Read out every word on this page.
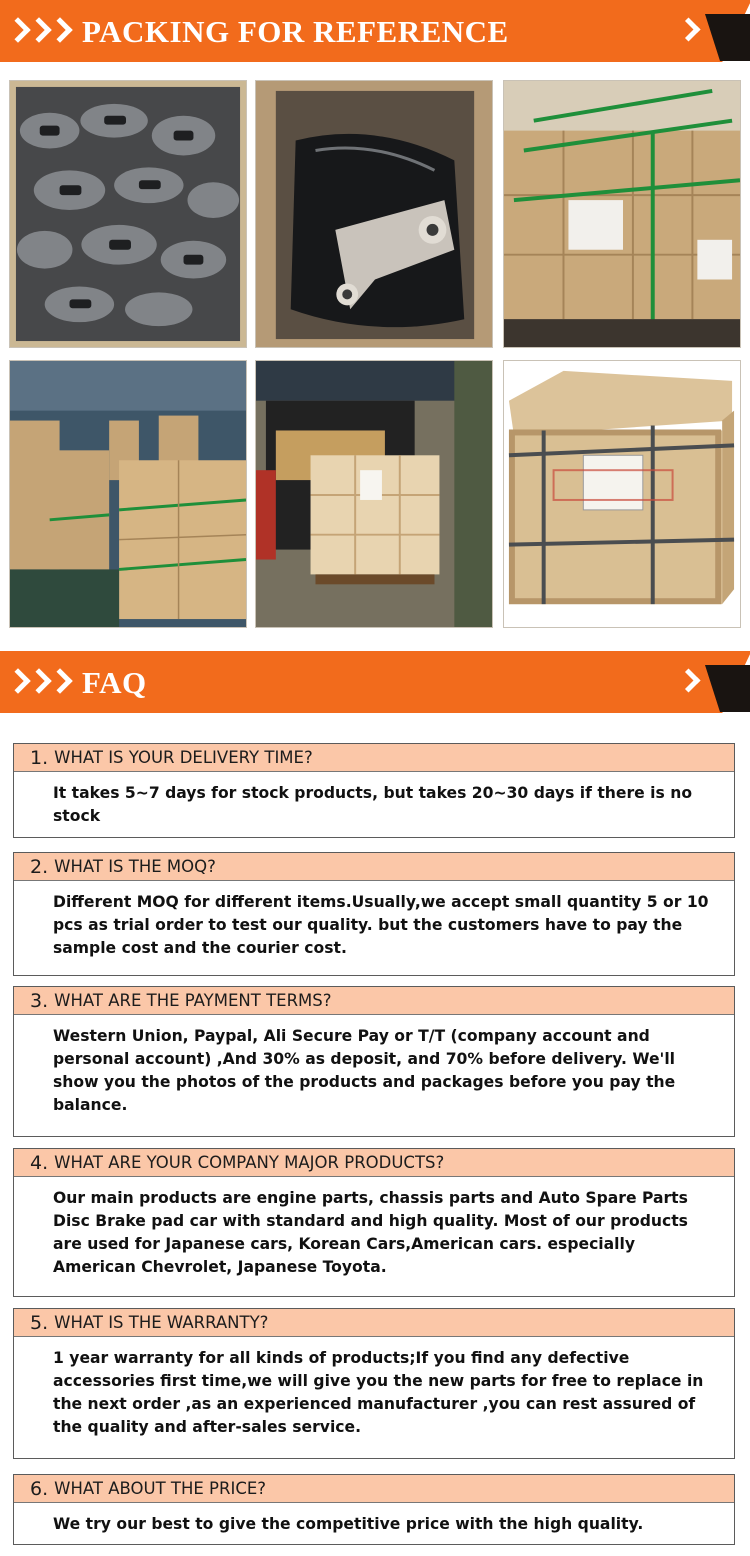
PACKING FOR REFERENCE
FAQ
1. WHAT IS YOUR DELIVERY TIME?
It takes 5~7 days for stock products, but takes 20~30 days if there is no stock
2. WHAT IS THE MOQ?
Different MOQ for different items.Usually,we accept small quantity 5 or 10 pcs as trial order to test our quality. but the customers have to pay the sample cost and the courier cost.
3. WHAT ARE THE PAYMENT TERMS?
Western Union, Paypal, Ali Secure Pay or T/T (company account and personal account) ,And 30% as deposit, and 70% before delivery. We'll show you the photos of the products and packages before you pay the balance.
4. WHAT ARE YOUR COMPANY MAJOR PRODUCTS?
Our main products are engine parts, chassis parts and Auto Spare Parts Disc Brake pad car with standard and high quality. Most of our products are used for Japanese cars, Korean Cars,American cars. especially American Chevrolet, Japanese Toyota.
5. WHAT IS THE WARRANTY?
1 year warranty for all kinds of products;If you find any defective accessories first time,we will give you the new parts for free to replace in the next order ,as an experienced manufacturer ,you can rest assured of the quality and after-sales service.
6. WHAT ABOUT THE PRICE?
We try our best to give the competitive price with the high quality.
